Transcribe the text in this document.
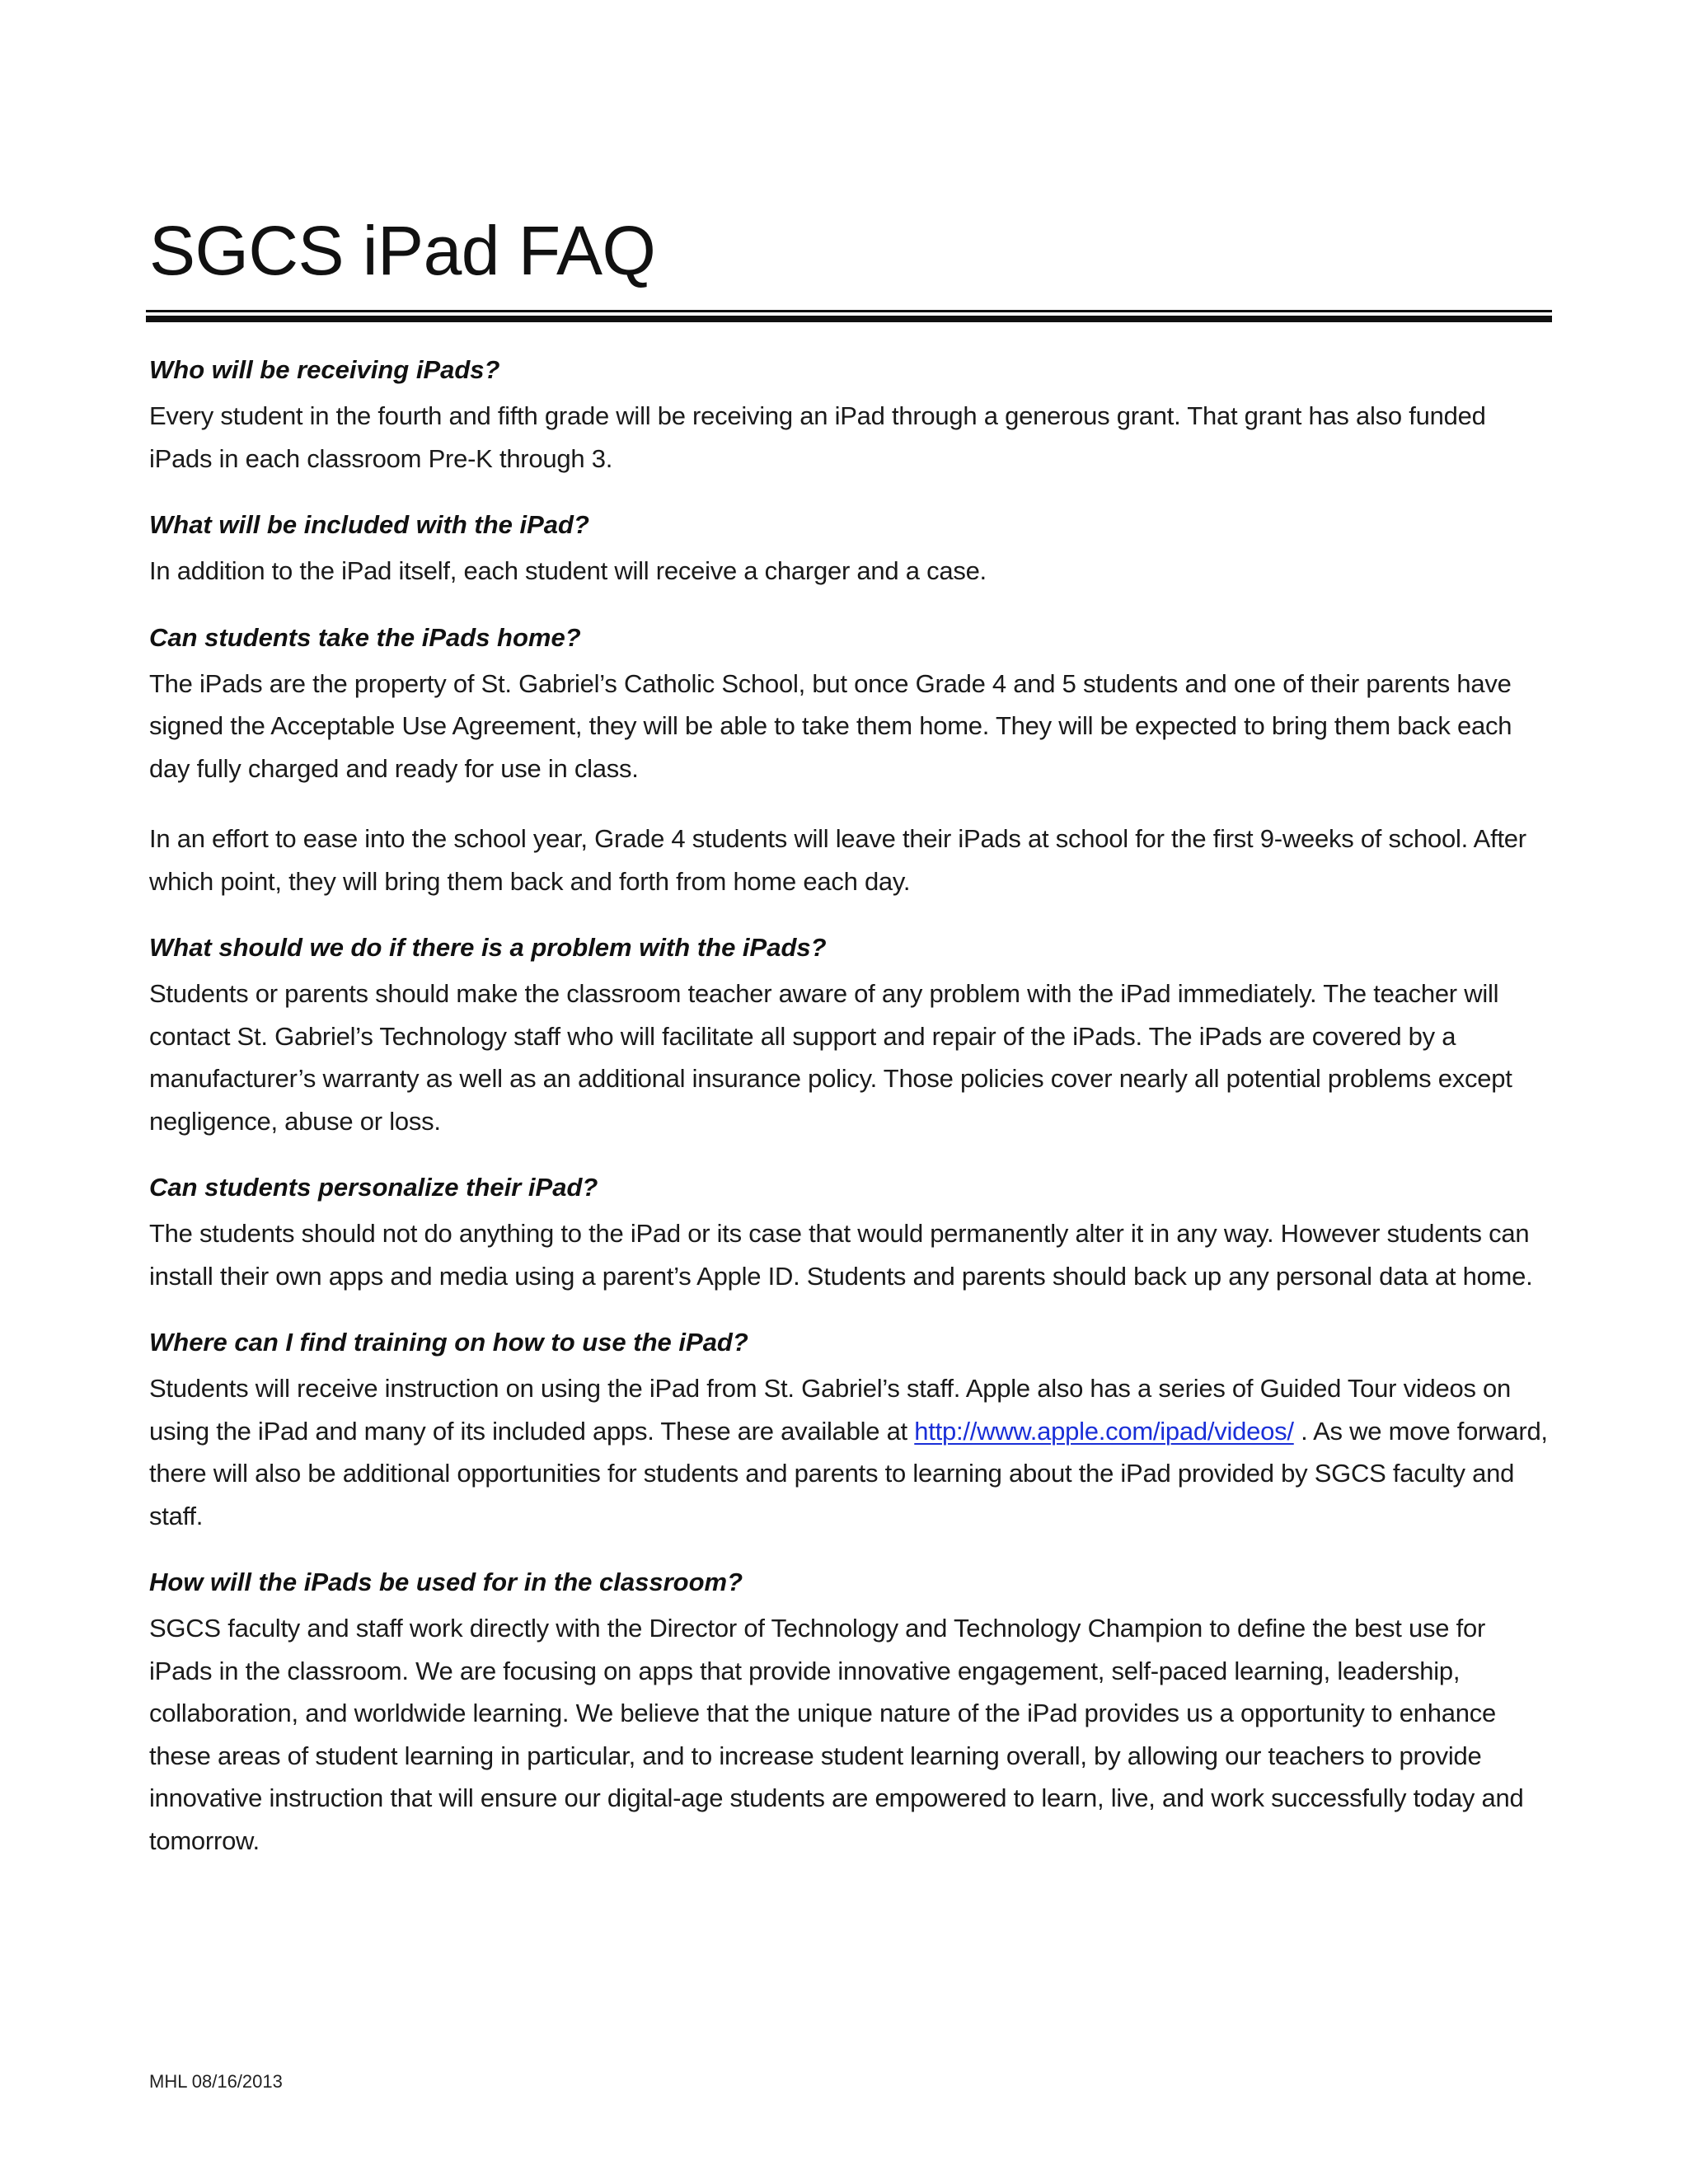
SGCS iPad FAQ

Who will be receiving iPads?

Every student in the fourth and fifth grade will be receiving an iPad through a generous grant. That grant has also funded iPads in each classroom Pre-K through 3.

What will be included with the iPad?

In addition to the iPad itself, each student will receive a charger and a case.

Can students take the iPads home?

The iPads are the property of St. Gabriel’s Catholic School, but once Grade 4 and 5 students and one of their parents have signed the Acceptable Use Agreement, they will be able to take them home. They will be expected to bring them back each day fully charged and ready for use in class.

In an effort to ease into the school year, Grade 4 students will leave their iPads at school for the first 9-weeks of school. After which point, they will bring them back and forth from home each day.

What should we do if there is a problem with the iPads?

Students or parents should make the classroom teacher aware of any problem with the iPad immediately. The teacher will contact St. Gabriel’s Technology staff who will facilitate all support and repair of the iPads. The iPads are covered by a manufacturer’s warranty as well as an additional insurance policy. Those policies cover nearly all potential problems except negligence, abuse or loss.

Can students personalize their iPad?

The students should not do anything to the iPad or its case that would permanently alter it in any way. However students can install their own apps and media using a parent’s Apple ID. Students and parents should back up any personal data at home.

Where can I find training on how to use the iPad?

Students will receive instruction on using the iPad from St. Gabriel’s staff. Apple also has a series of Guided Tour videos on using the iPad and many of its included apps. These are available at http://www.apple.com/ipad/videos/ . As we move forward, there will also be additional opportunities for students and parents to learning about the iPad provided by SGCS faculty and staff.

How will the iPads be used for in the classroom?

SGCS faculty and staff work directly with the Director of Technology and Technology Champion to define the best use for iPads in the classroom. We are focusing on apps that provide innovative engagement, self-paced learning, leadership, collaboration, and worldwide learning. We believe that the unique nature of the iPad provides us a opportunity to enhance these areas of student learning in particular, and to increase student learning overall, by allowing our teachers to provide innovative instruction that will ensure our digital-age students are empowered to learn, live, and work successfully today and tomorrow.

MHL 08/16/2013
